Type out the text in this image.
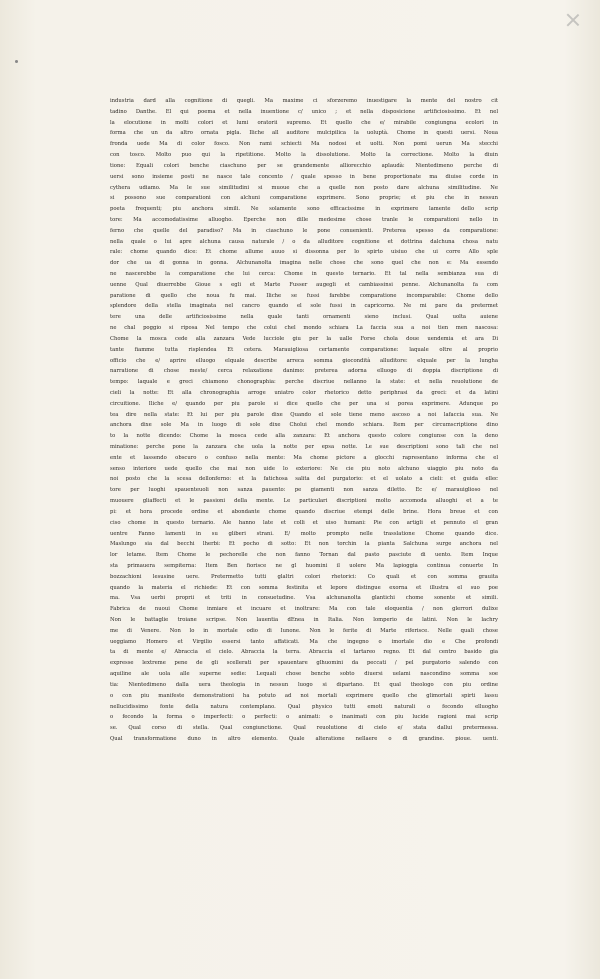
industria dard alla cognitione di quegli. Ma maxime ci sforzeremo inuestigare la mente del nostro cit
tadino Danthe. El qui poema et nella inuentione c/ unico ; et nella disposicione artificiosissimo. Et nel
la elocutione in molti colori et lumi oratorii supremo. Et quello che e/ mirabile congiungna ecolori in
forma che un da altro ornata pigla. Iliche all auditore mulcipilica la uoluptà. Chome in questi uersi. Noua
fronda uede Ma di color fosco. Non rami schiecti Ma nodosi et uolti. Non pomi uerun Ma stecchi
con tosco. Molto puo qui la ripetitione. Molto la dissolutione. Molto la correctione. Molto la diuin
tione: Equali colori benche ciaschuno per se grandemente alliorecchio aplaudà: Nientedimeno perche di
uersi sono insieme posti ne nasce tale concento / quale spesso in bene proportionate ma diuise corde in
cythera udiamo. Ma le sue similitudini si muoue che a quelle non posto dare alchuna similitudine. Ne
si possono sue comparationi con alchuni comparatione exprimere. Sono proprie; et piu che in nessun
poeta frequenti; piu anchora simili. Ne solamente sono efficacissime in exprimere lamente dello scrip
tore: Ma accomodatissime alluogho. Eperche non dille medesime chose tranle le comparationi nello in
ferno che quelle del paradiso? Ma in ciaschuno le pone conuenienti. Preterea spesso da comparatione:
nella quale o lui apre alchuna causa naturale / o da alluditore cognitione et dottrina dalchuna chosa natu
rale: chome quando dice: Et chome allume auuo si dissonna per lo spirto uisiuo che ui corre Allo sple
dor che ua di gonna in gonna. Alchunanolta imagina nelle chose che sono quel che non e: Ma essendo
ne nascerebbe la comparatione che lui cerca: Chome in questo ternario. Et tal nella sembianza sua di
uenne Qual diuerrebbe Gioue s egli et Marte Fusser augegli et cambiassinsi penne. Alchunanolta fa com
paratione di quello che noua fu mai. Iliche se fussi farebbe comparatione incomparabile: Chome dello
splendore della stella imaginata nel cancro quando el sole fussi in capricorno. Ne mi pare da pretermet
tere una delle artificiosissime nella quale tanti ornamenti sieno inclusi. Qual uolta auiene
ne chal poggio si riposa Nel tempo che colui chel mondo schiara La faccia sua a noi tien men nascosa:
Chome la mosca cede alla zanzara Vede lucciole giu per la ualle Forse chola doue uendemia et ara Di
tante fiamme tutta risplendea Et cetera. Marauigliosa certamente comparatione: laquale oltre al proprio
officio che e/ aprire elluogo elquale describe arreca somma giocondità alluditore: elquale per la lungha
narratione di chose meste/ cerca relaxatione danimo: preterea adorna elluogo di doppia discriptione di
tempo: laquale e greci chiamono chonographia: perche discriue nellanno la state: et nella reuolutione de
cieli la notte: Et alla chronographia arroge uniatro color rhetorico detto periphrasi da greci: et da latini
circuitione. Iliche e/ quando per piu parole si dice quello che per una si porea exprimere. Adunque po
tea dire nella state: Et lui per piu parole dixe Quando el sole tiene meno ascoso a noi lafaccia sua. Ne
anchora dixe sole Ma in luogo di sole dixe Cholui chel mondo schiara. Item per circumscriptione dino
to la notte dicendo: Chome la mosca cede alla zanzara: Et anchora questo colore congiunse con la deno
minatione: perche pone la zanzara che uola la notte per epsa notte. Le sue descriptioni sono tali che nel
ente et lassendo obscuro o confuso nella mente: Ma chome pictore a glocchi rapresentano informa che el
senso interiore uede quello che mai non uide lo exteriore: Ne cie piu noto alchuno uiaggio piu noto da
noi posto che la scesa dellonferno: et la fatichosa salita del purgatorio: et el uolato a cieli: et guida ellec
tore per luoghi spauenteuoli non sanza pauento: pe giamenti non sanza diletto. Ec e/ marauiglioso nel
muouere gliaffecti et le passioni della mente. Le particulari discriptioni molto accomoda alluoghi et a te
pi: et hora procede ordine et abondante chome quando discriue etempi delle brine. Hora breue et con
ciso chome in questo ternario. Ale hanno late et colli et uiso humani: Pie con artigli et pennuto el gran
uentre Fanno lamenti in su gliberi strani. E/ molto prompto nelle trasslatione Chome quando dice.
Maslungo sia dal becchi lherbi: Et pocho di sotto: Et non torchin la pianta Salchuna surge anchora nel
lor letame. Item Chome le pechorelle che non fanno Tornan dal pasto pasciute di uento. Item Inque
sta primauera sempiterna: Item Ben fiorisce ne gl huomini il uolere Ma lapioggia continua conuerte In
bozzachioni lesusine uere. Pretermetto tutti glaltri colori rhetorici: Co quali et con somma grauita
quando la materia el richiede: Et con somma festinita et lepore distingue exorna et illustra el suo poe
ma. Vsa uerbi proprii et triti in consuetudine. Vsa alchunanolta glantichi chome sonente et simili.
Fabrica de nuoui Chome inmiare et incuare et inoltrare: Ma con tale eloquentia / non glerrori dulixe
Non le battaglie troiane scripse. Non lauentia dEnea in Italia. Non lomperio de latini. Non le lachry
me di Venere. Non lo in mortale odio di Iunone. Non le ferite di Marte riferisce. Nelle quali chose
ueggiamo Homero et Virgilio essersi tanto affaticati. Ma che ingegno o imortale dio e Che profondi
ta di mente e/ Abraccia el cielo. Abraccia la terra. Abraccia el tartareo regno. Et dal centro basido gia
expresse lextreme pene de gli scellerati per spauentare glhuomini da peccati / pel purgatorio salendo con
aquiline ale uola alle superne sedie: Lequali chose benche sobto diuersi uelami nascondino somma soe
tia: Nientedimeno dalla uera theologia in nessun luogo si dipartano. Et qual theologo con piu ordine
o con piu manifeste demonstrationi ha potuto ad noi mortali exprimere quello che glimortali spirti lassu
nellucidissimo fonte della natura contemplano. Qual physico tutti emoti naturali o fecondo elluogho
o fecondo la forma o imperfecti: o perfecti: o animati: o inanimati con piu lucide ragioni mai scrip
se. Qual corso di stella. Qual congiunctione. Qual reuolutione di cielo e/ stata dallui pretermessa.
Qual transformatione duno in altro elemento. Quale alteratione nellaere o di grandine. pioue. uenti.
